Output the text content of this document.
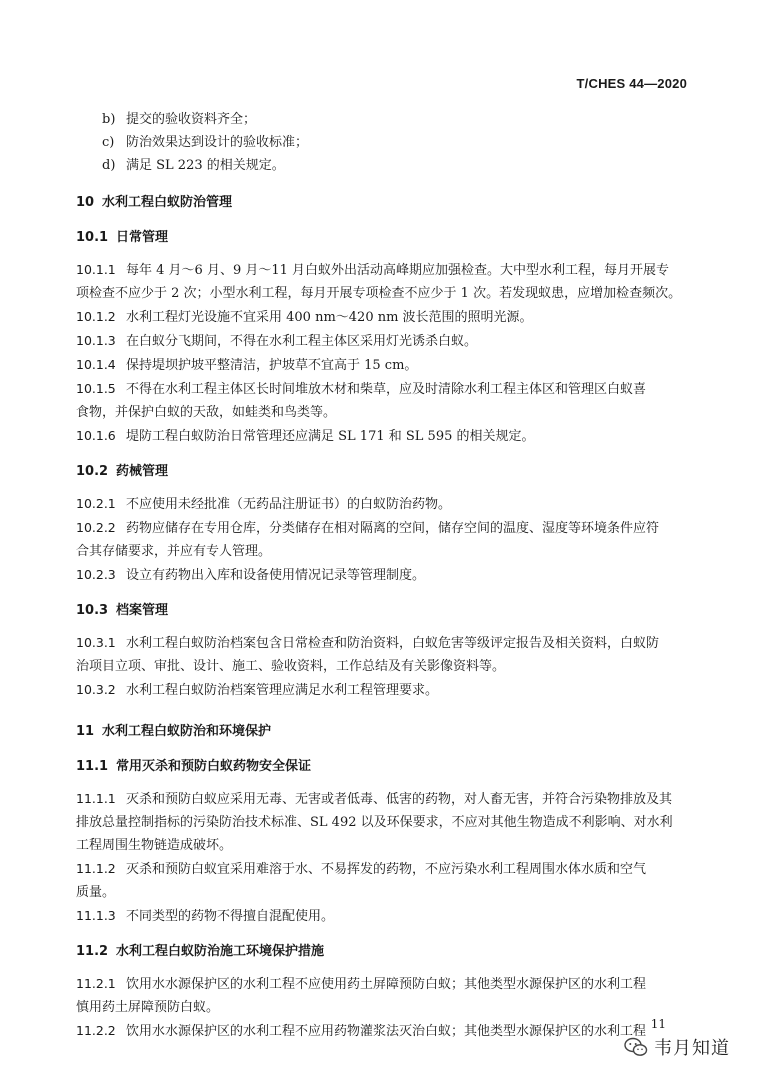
T/CHES 44—2020
b) 提交的验收资料齐全；
c) 防治效果达到设计的验收标准；
d) 满足 SL 223 的相关规定。
10 水利工程白蚁防治管理
10.1 日常管理
10.1.1 每年 4 月～6 月、9 月～11 月白蚁外出活动高峰期应加强检查。大中型水利工程，每月开展专
项检查不应少于 2 次；小型水利工程，每月开展专项检查不应少于 1 次。若发现蚁患，应增加检查频次。
10.1.2 水利工程灯光设施不宜采用 400 nm～420 nm 波长范围的照明光源。
10.1.3 在白蚁分飞期间，不得在水利工程主体区采用灯光诱杀白蚁。
10.1.4 保持堤坝护坡平整清洁，护坡草不宜高于 15 cm。
10.1.5 不得在水利工程主体区长时间堆放木材和柴草，应及时清除水利工程主体区和管理区白蚁喜
食物，并保护白蚁的天敌，如蛙类和鸟类等。
10.1.6 堤防工程白蚁防治日常管理还应满足 SL 171 和 SL 595 的相关规定。
10.2 药械管理
10.2.1 不应使用未经批准（无药品注册证书）的白蚁防治药物。
10.2.2 药物应储存在专用仓库，分类储存在相对隔离的空间，储存空间的温度、湿度等环境条件应符
合其存储要求，并应有专人管理。
10.2.3 设立有药物出入库和设备使用情况记录等管理制度。
10.3 档案管理
10.3.1 水利工程白蚁防治档案包含日常检查和防治资料，白蚁危害等级评定报告及相关资料，白蚁防
治项目立项、审批、设计、施工、验收资料，工作总结及有关影像资料等。
10.3.2 水利工程白蚁防治档案管理应满足水利工程管理要求。
11 水利工程白蚁防治和环境保护
11.1 常用灭杀和预防白蚁药物安全保证
11.1.1 灭杀和预防白蚁应采用无毒、无害或者低毒、低害的药物，对人畜无害，并符合污染物排放及其
排放总量控制指标的污染防治技术标准、SL 492 以及环保要求，不应对其他生物造成不利影响、对水利
工程周围生物链造成破坏。
11.1.2 灭杀和预防白蚁宜采用难溶于水、不易挥发的药物，不应污染水利工程周围水体水质和空气
质量。
11.1.3 不同类型的药物不得擅自混配使用。
11.2 水利工程白蚁防治施工环境保护措施
11.2.1 饮用水水源保护区的水利工程不应使用药土屏障预防白蚁；其他类型水源保护区的水利工程
慎用药土屏障预防白蚁。
11.2.2 饮用水水源保护区的水利工程不应用药物灌浆法灭治白蚁；其他类型水源保护区的水利工程 11
韦月知道
